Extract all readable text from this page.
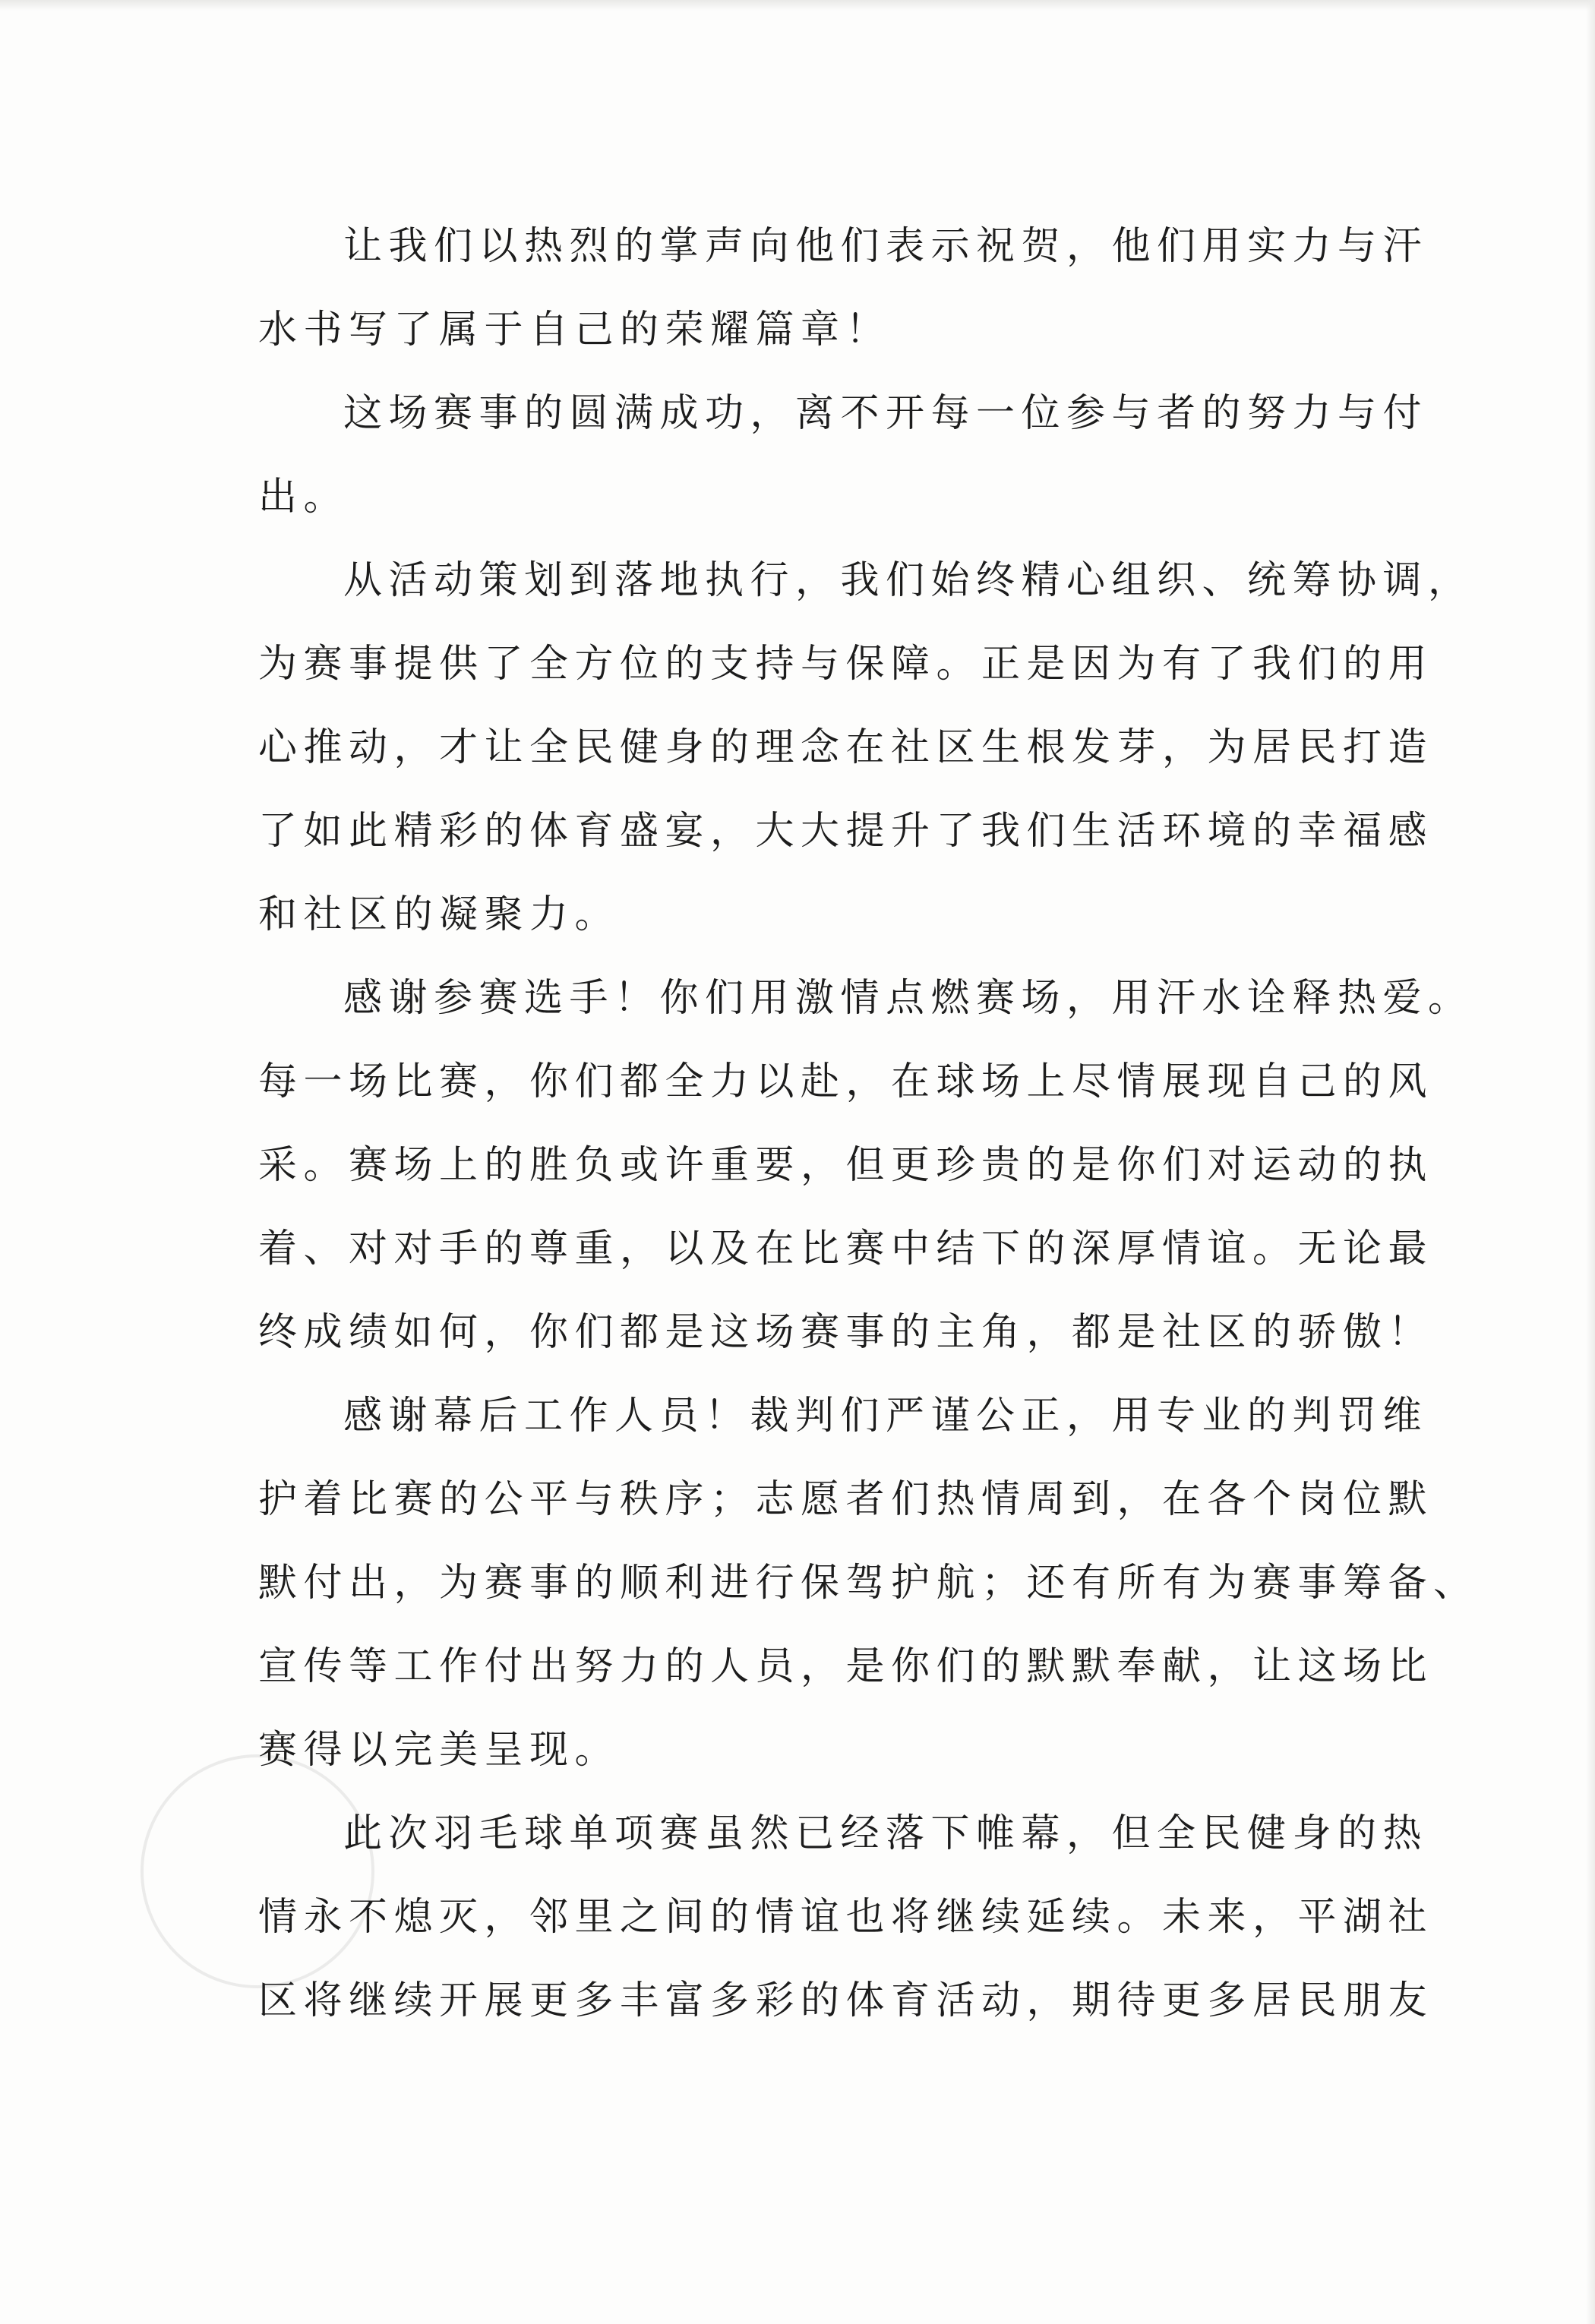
让我们以热烈的掌声向他们表示祝贺，他们用实力与汗

水书写了属于自己的荣耀篇章！

这场赛事的圆满成功，离不开每一位参与者的努力与付

出。

从活动策划到落地执行，我们始终精心组织、统筹协调，

为赛事提供了全方位的支持与保障。正是因为有了我们的用

心推动，才让全民健身的理念在社区生根发芽，为居民打造

了如此精彩的体育盛宴，大大提升了我们生活环境的幸福感

和社区的凝聚力。

感谢参赛选手！你们用激情点燃赛场，用汗水诠释热爱。

每一场比赛，你们都全力以赴，在球场上尽情展现自己的风

采。赛场上的胜负或许重要，但更珍贵的是你们对运动的执

着、对对手的尊重，以及在比赛中结下的深厚情谊。无论最

终成绩如何，你们都是这场赛事的主角，都是社区的骄傲！

感谢幕后工作人员！裁判们严谨公正，用专业的判罚维

护着比赛的公平与秩序；志愿者们热情周到，在各个岗位默

默付出，为赛事的顺利进行保驾护航；还有所有为赛事筹备、

宣传等工作付出努力的人员，是你们的默默奉献，让这场比

赛得以完美呈现。

此次羽毛球单项赛虽然已经落下帷幕，但全民健身的热

情永不熄灭，邻里之间的情谊也将继续延续。未来，平湖社

区将继续开展更多丰富多彩的体育活动，期待更多居民朋友
